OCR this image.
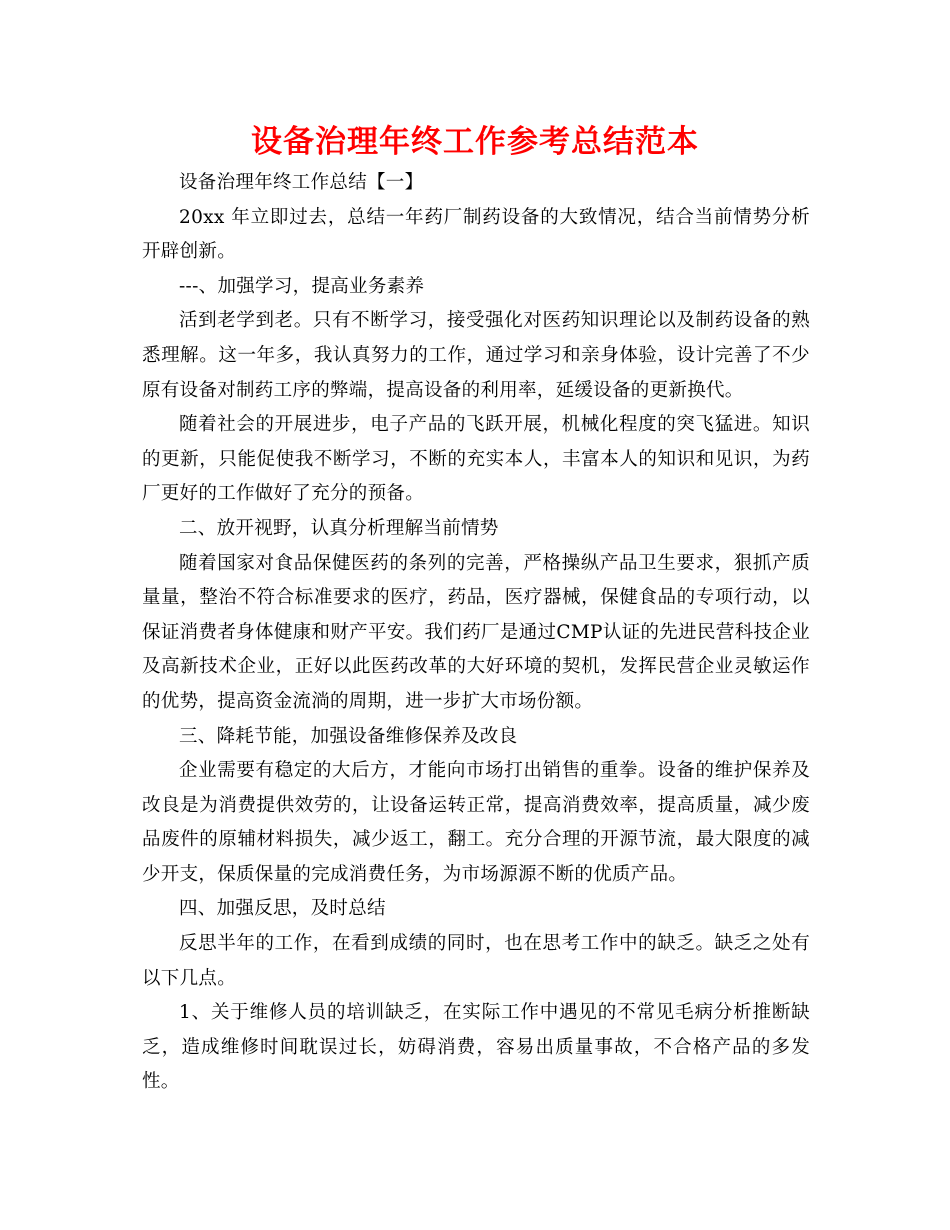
设备治理年终工作参考总结范本

设备治理年终工作总结【一】

20xx 年立即过去，总结一年药厂制药设备的大致情况，结合当前情势分析开辟创新。

---、加强学习，提高业务素养

活到老学到老。只有不断学习，接受强化对医药知识理论以及制药设备的熟悉理解。这一年多，我认真努力的工作，通过学习和亲身体验，设计完善了不少原有设备对制药工序的弊端，提高设备的利用率，延缓设备的更新换代。

随着社会的开展进步，电子产品的飞跃开展，机械化程度的突飞猛进。知识的更新，只能促使我不断学习，不断的充实本人，丰富本人的知识和见识，为药厂更好的工作做好了充分的预备。

二、放开视野，认真分析理解当前情势

随着国家对食品保健医药的条列的完善，严格操纵产品卫生要求，狠抓产质量量，整治不符合标准要求的医疗，药品，医疗器械，保健食品的专项行动，以保证消费者身体健康和财产平安。我们药厂是通过CMP认证的先进民营科技企业及高新技术企业，正好以此医药改革的大好环境的契机，发挥民营企业灵敏运作的优势，提高资金流淌的周期，进一步扩大市场份额。

三、降耗节能，加强设备维修保养及改良

企业需要有稳定的大后方，才能向市场打出销售的重拳。设备的维护保养及改良是为消费提供效劳的，让设备运转正常，提高消费效率，提高质量，减少废品废件的原辅材料损失，减少返工，翻工。充分合理的开源节流，最大限度的减少开支，保质保量的完成消费任务，为市场源源不断的优质产品。

四、加强反思，及时总结

反思半年的工作，在看到成绩的同时，也在思考工作中的缺乏。缺乏之处有以下几点。

1、关于维修人员的培训缺乏，在实际工作中遇见的不常见毛病分析推断缺乏，造成维修时间耽误过长，妨碍消费，容易出质量事故，不合格产品的多发性。
